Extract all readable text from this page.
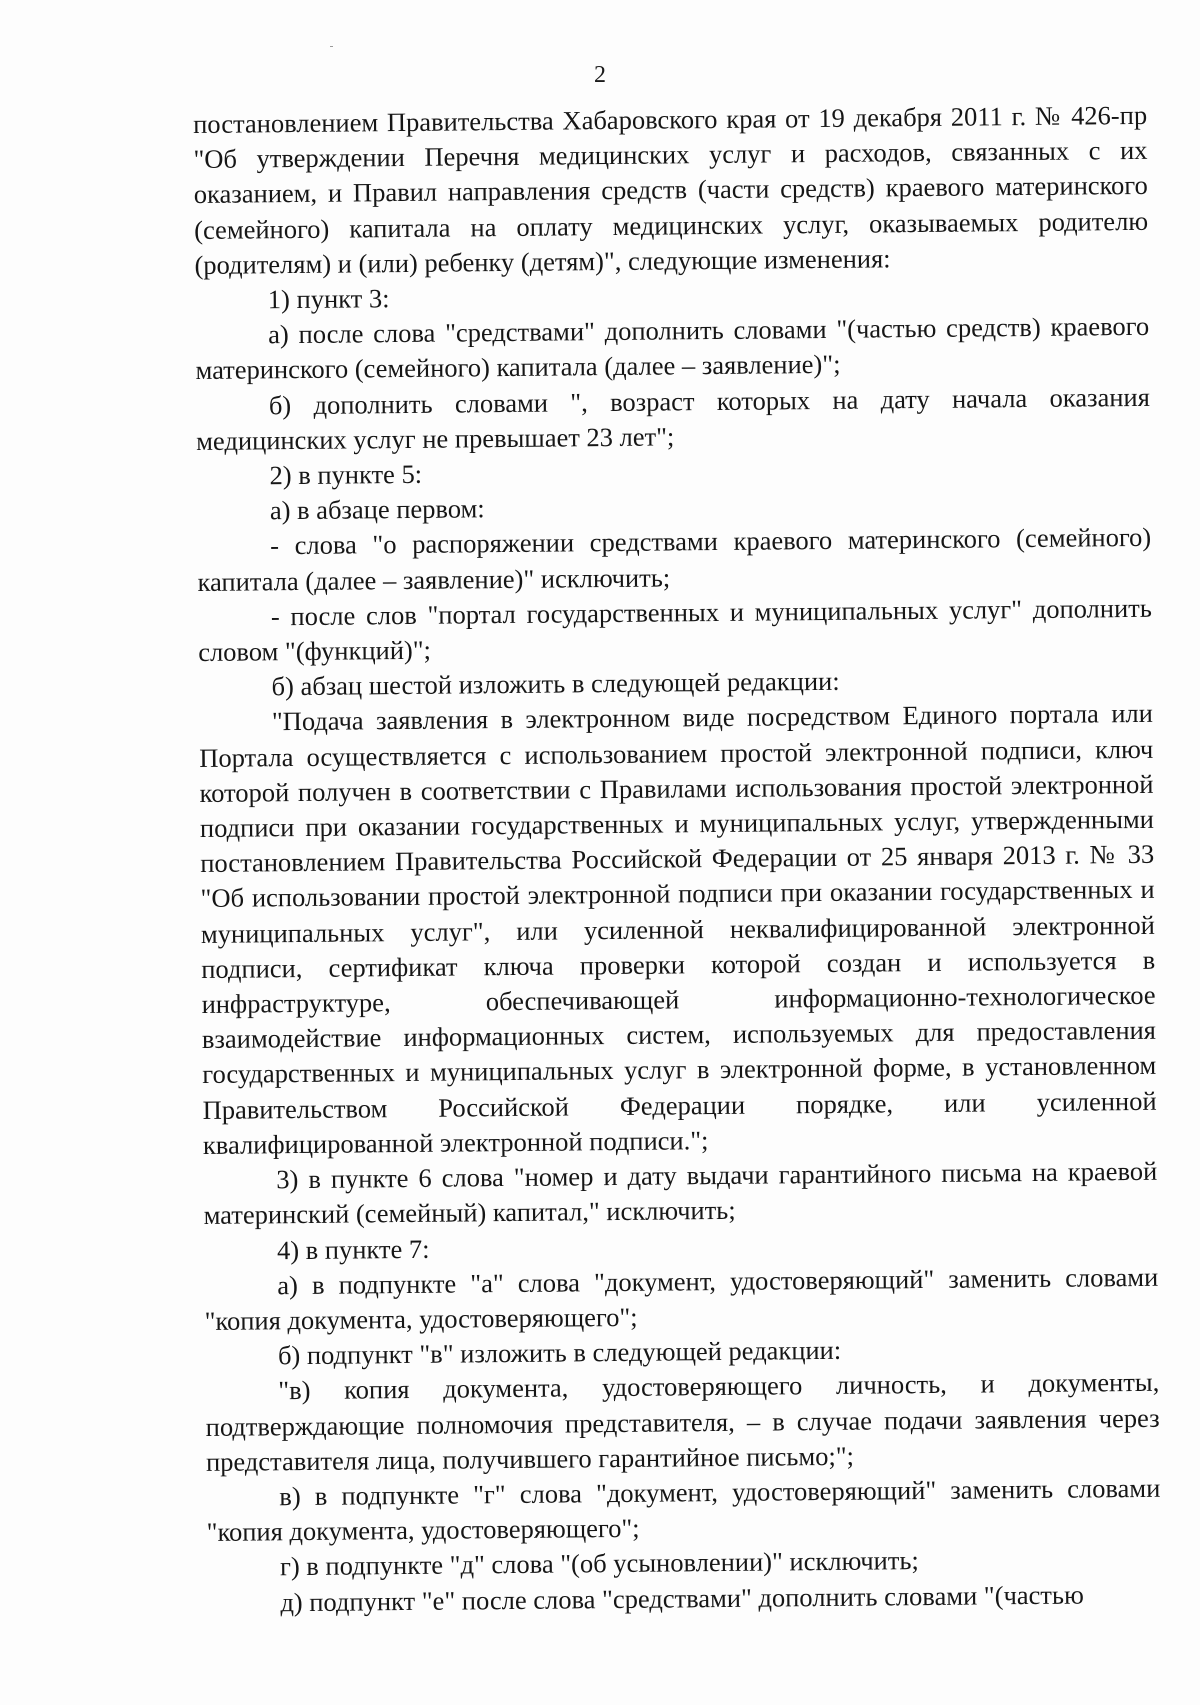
2

постановлением Правительства Хабаровского края от 19 декабря 2011 г. № 426-пр "Об утверждении Перечня медицинских услуг и расходов, связанных с их оказанием, и Правил направления средств (части средств) краевого материнского (семейного) капитала на оплату медицинских услуг, оказываемых родителю (родителям) и (или) ребенку (детям)", следующие изменения:

1) пункт 3:

а) после слова "средствами" дополнить словами "(частью средств) краевого материнского (семейного) капитала (далее – заявление)";

б) дополнить словами ", возраст которых на дату начала оказания медицинских услуг не превышает 23 лет";

2) в пункте 5:

а) в абзаце первом:

- слова "о распоряжении средствами краевого материнского (семейного) капитала (далее – заявление)" исключить;

- после слов "портал государственных и муниципальных услуг" дополнить словом "(функций)";

б) абзац шестой изложить в следующей редакции:

"Подача заявления в электронном виде посредством Единого портала или Портала осуществляется с использованием простой электронной подписи, ключ которой получен в соответствии с Правилами использования простой электронной подписи при оказании государственных и муниципальных услуг, утвержденными постановлением Правительства Российской Федерации от 25 января 2013 г. № 33 "Об использовании простой электронной подписи при оказании государственных и муниципальных услуг", или усиленной неквалифицированной электронной подписи, сертификат ключа проверки которой создан и используется в инфраструктуре, обеспечивающей информационно-технологическое взаимодействие информационных систем, используемых для предоставления государственных и муниципальных услуг в электронной форме, в установленном Правительством Российской Федерации порядке, или усиленной квалифицированной электронной подписи.";

3) в пункте 6 слова "номер и дату выдачи гарантийного письма на краевой материнский (семейный) капитал," исключить;

4) в пункте 7:

а) в подпункте "а" слова "документ, удостоверяющий" заменить словами "копия документа, удостоверяющего";

б) подпункт "в" изложить в следующей редакции:

"в) копия документа, удостоверяющего личность, и документы, подтверждающие полномочия представителя, – в случае подачи заявления через представителя лица, получившего гарантийное письмо;";

в) в подпункте "г" слова "документ, удостоверяющий" заменить словами "копия документа, удостоверяющего";

г) в подпункте "д" слова "(об усыновлении)" исключить;

д) подпункт "е" после слова "средствами" дополнить словами "(частью
